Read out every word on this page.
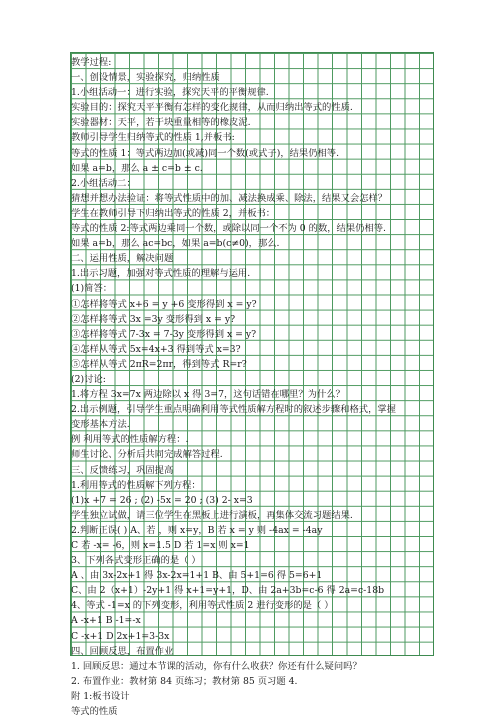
教学过程:
一、创设情景，实验探究，归纳性质
1.小组活动一：进行实验，探究天平的平衡规律.
实验目的：探究天平平衡有怎样的变化规律，从而归纳出等式的性质.
实验器材：天平，若干块重量相等的橡皮泥.
教师引导学生归纳等式的性质 1,并板书:
等式的性质 1：等式两边加(或减)同一个数(或式子)，结果仍相等.
如果 a=b，那么 a ± c=b ± c.
2.小组活动二：
猜想并想办法验证：将等式性质中的加、减法换成乘、除法，结果又会怎样？
学生在教师引导下归纳出等式的性质 2，并板书：
等式的性质 2:等式两边乘同一个数，或除以同一个不为 0 的数，结果仍相等.
如果 a=b，那么 ac=bc，如果 a=b(c≠0)，那么.
二、运用性质，解决问题
1.出示习题，加强对等式性质的理解与运用.
(1)简答：
①怎样将等式 x+6 = y +6 变形得到 x = y?
②怎样将等式 3x =3y 变形得到 x = y?
③怎样将等式 7-3x = 7-3y 变形得到 x = y?
④怎样从等式 5x=4x+3 得到等式 x=3?
⑤怎样从等式 2πR=2πr，得到等式 R=r?
(2)讨论:
1.将方程 3x=7x 两边除以 x 得 3=7，这句话错在哪里？为什么？
2.出示例题，引导学生重点明确利用等式性质解方程时的叙述步骤和格式，掌握
变形基本方法.
例 利用等式的性质解方程：.
师生讨论、分析后共同完成解答过程.
三、反馈练习，巩固提高
1.利用等式的性质解下列方程：
(1)x +7 = 26 ; (2) -5x = 20 ; (3) 2- x=3
学生独立试做，请三位学生在黑板上进行演板，再集体交流习题结果.
2.判断正误( ) A、若 ，则 x=y，B 若 x = y 则 -4ax = -4ay
C 若 -x= -6，则 x=1.5 D 若 1=x 则 x=1
3、下列各式变形正确的是（ ）
A 、由 3x-2x+1 得 3x-2x=1+1 B、由 5+1=6 得 5=6+1
C、由 2（x+1）-2y+1 得 x+1=y+1，D、由 2a+3b=c-6 得 2a=c-18b
4、等式 -1=x 的下列变形，利用等式性质 2 进行变形的是（ ）
A -x+1 B -1=-x
C -x+1 D 2x+1=3-3x
四、回顾反思，布置作业
1. 回顾反思：通过本节课的活动，你有什么收获？你还有什么疑问吗？
2. 布置作业：教材第 84 页练习；教材第 85 页习题 4.
附 1:板书设计
等式的性质
